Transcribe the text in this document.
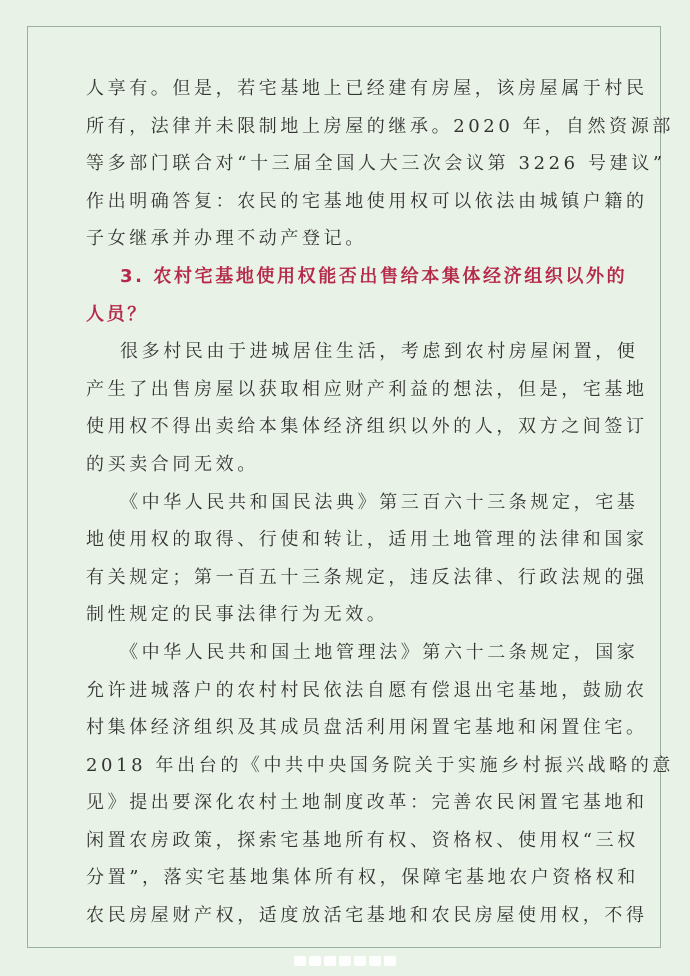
人享有。但是，若宅基地上已经建有房屋，该房屋属于村民
所有，法律并未限制地上房屋的继承。2020 年，自然资源部
等多部门联合对“十三届全国人大三次会议第 3226 号建议”
作出明确答复：农民的宅基地使用权可以依法由城镇户籍的
子女继承并办理不动产登记。
3. 农村宅基地使用权能否出售给本集体经济组织以外的
人员？
很多村民由于进城居住生活，考虑到农村房屋闲置，便
产生了出售房屋以获取相应财产利益的想法，但是，宅基地
使用权不得出卖给本集体经济组织以外的人，双方之间签订
的买卖合同无效。
《中华人民共和国民法典》第三百六十三条规定，宅基
地使用权的取得、行使和转让，适用土地管理的法律和国家
有关规定；第一百五十三条规定，违反法律、行政法规的强
制性规定的民事法律行为无效。
《中华人民共和国土地管理法》第六十二条规定，国家
允许进城落户的农村村民依法自愿有偿退出宅基地，鼓励农
村集体经济组织及其成员盘活利用闲置宅基地和闲置住宅。
2018 年出台的《中共中央国务院关于实施乡村振兴战略的意
见》提出要深化农村土地制度改革：完善农民闲置宅基地和
闲置农房政策，探索宅基地所有权、资格权、使用权“三权
分置”，落实宅基地集体所有权，保障宅基地农户资格权和
农民房屋财产权，适度放活宅基地和农民房屋使用权，不得
